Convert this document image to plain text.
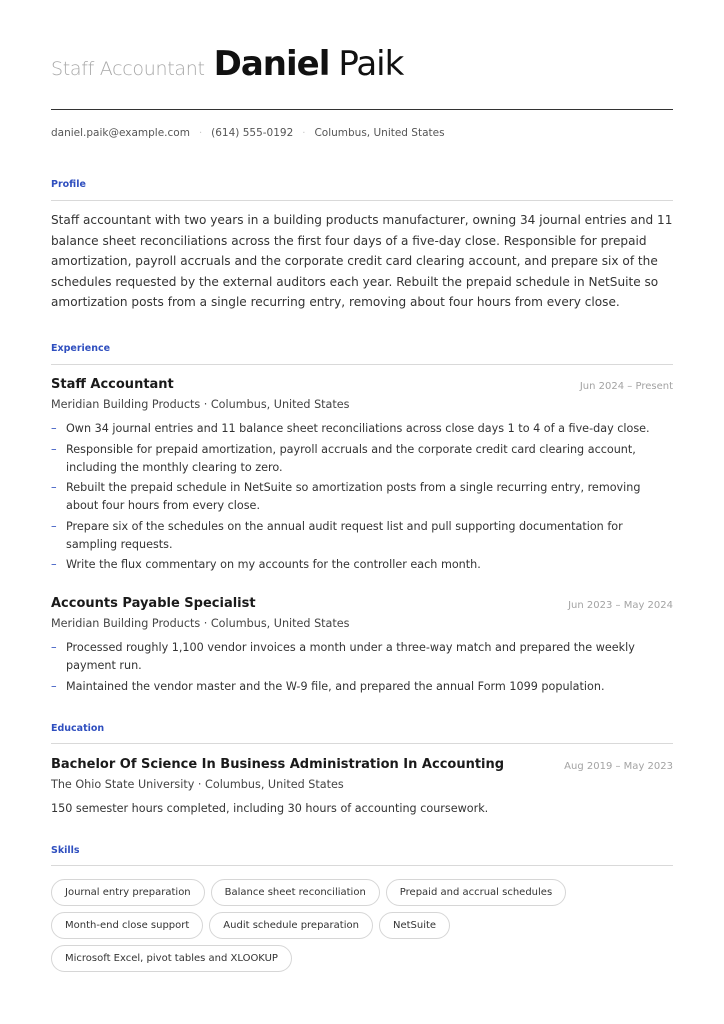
Staff Accountant Daniel Paik
daniel.paik@example.com · (614) 555-0192 · Columbus, United States
Profile

Staff accountant with two years in a building products manufacturer, owning 34 journal entries and 11 balance sheet reconciliations across the first four days of a five-day close. Responsible for prepaid amortization, payroll accruals and the corporate credit card clearing account, and prepare six of the schedules requested by the external auditors each year. Rebuilt the prepaid schedule in NetSuite so amortization posts from a single recurring entry, removing about four hours from every close.

Experience
Staff Accountant	Jun 2024 – Present
Meridian Building Products · Columbus, United States
– Own 34 journal entries and 11 balance sheet reconciliations across close days 1 to 4 of a five-day close.
– Responsible for prepaid amortization, payroll accruals and the corporate credit card clearing account, including the monthly clearing to zero.
– Rebuilt the prepaid schedule in NetSuite so amortization posts from a single recurring entry, removing about four hours from every close.
– Prepare six of the schedules on the annual audit request list and pull supporting documentation for sampling requests.
– Write the flux commentary on my accounts for the controller each month.
Accounts Payable Specialist	Jun 2023 – May 2024
Meridian Building Products · Columbus, United States
– Processed roughly 1,100 vendor invoices a month under a three-way match and prepared the weekly payment run.
– Maintained the vendor master and the W-9 file, and prepared the annual Form 1099 population.
Education
Bachelor Of Science In Business Administration In Accounting	Aug 2019 – May 2023
The Ohio State University · Columbus, United States
150 semester hours completed, including 30 hours of accounting coursework.
Skills
Journal entry preparation	Balance sheet reconciliation	Prepaid and accrual schedules
Month-end close support	Audit schedule preparation	NetSuite
Microsoft Excel, pivot tables and XLOOKUP
